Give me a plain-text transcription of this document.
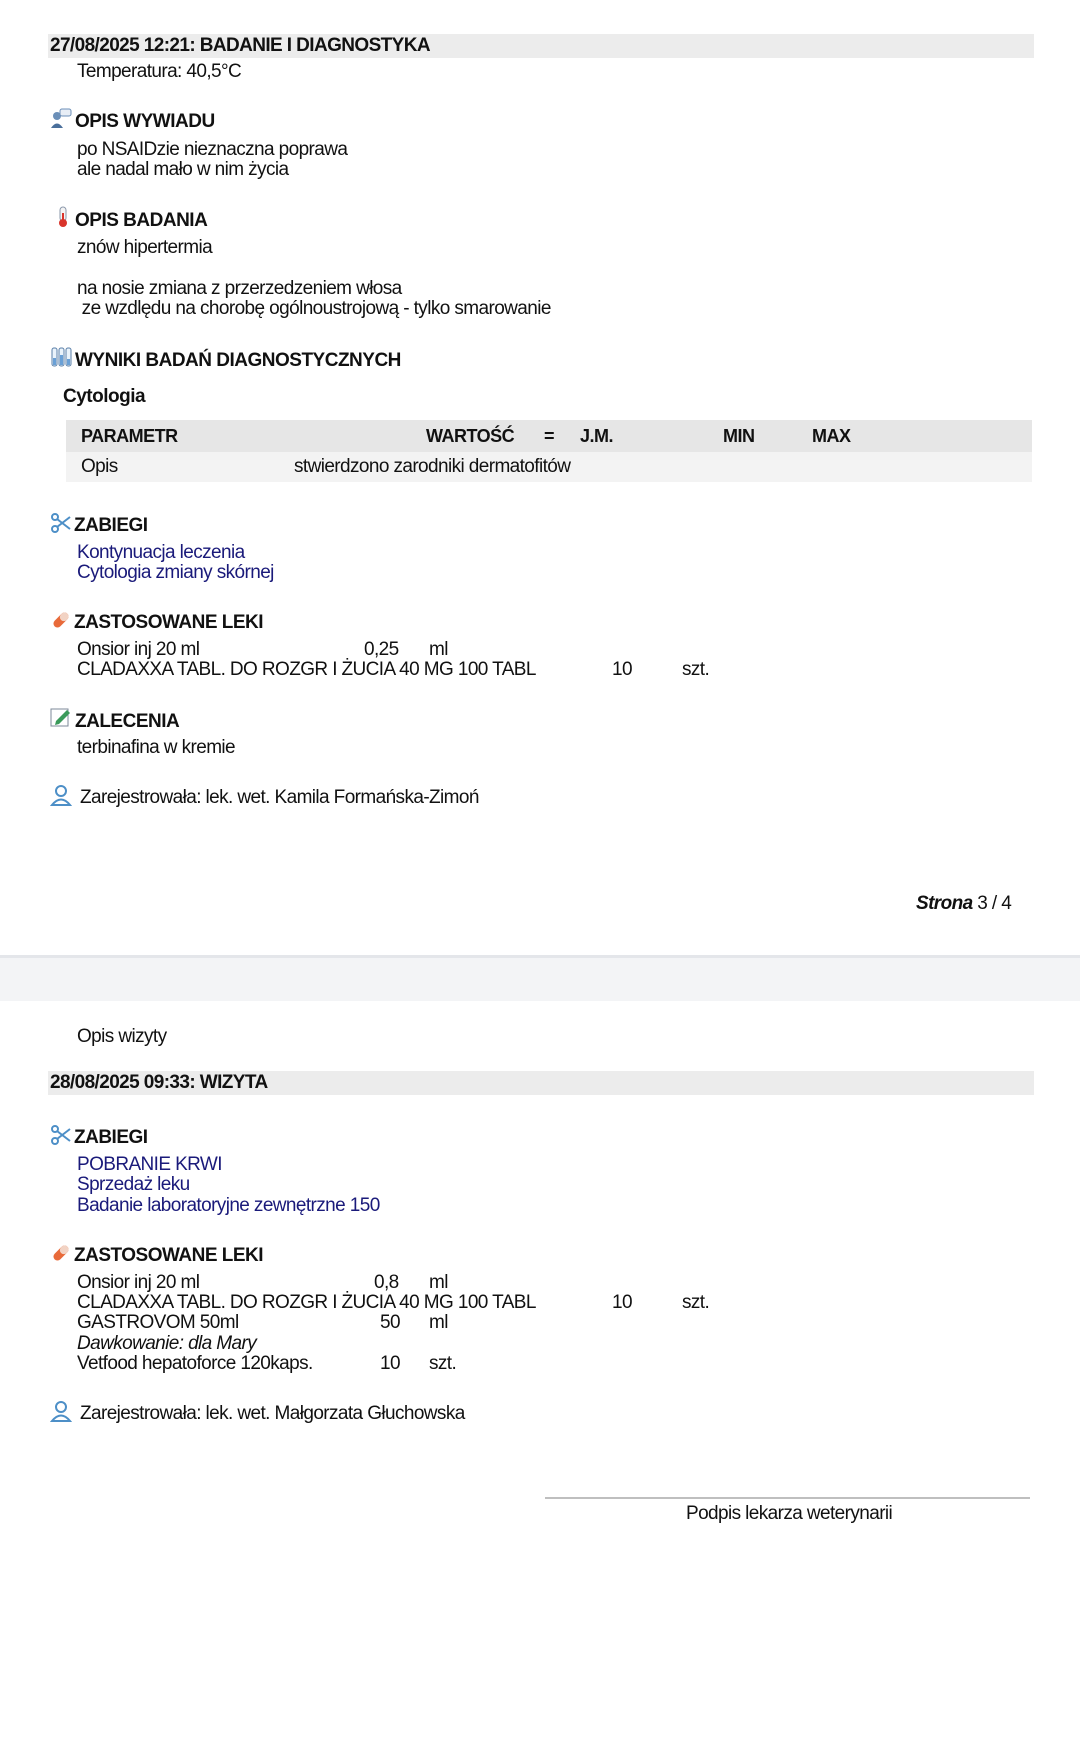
27/08/2025 12:21: BADANIE I DIAGNOSTYKA
Temperatura: 40,5°C
OPIS WYWIADU
po NSAIDzie nieznaczna poprawa
ale nadal mało w nim życia
OPIS BADANIA
znów hipertermia
na nosie zmiana z przerzedzeniem włosa
ze wzdlędu na chorobę ogólnoustrojową - tylko smarowanie
WYNIKI BADAŃ DIAGNOSTYCZNYCH
Cytologia
PARAMETR	WARTOŚĆ = J.M.	MIN	MAX
Opis	stwierdzono zarodniki dermatofitów
ZABIEGI
Kontynuacja leczenia
Cytologia zmiany skórnej
ZASTOSOWANE LEKI
Onsior inj 20 ml	0,25 ml
CLADAXXA TABL. DO ROZGR I ŻUCIA 40 MG 100 TABL	10	szt.
ZALECENIA
terbinafina w kremie
Zarejestrowała: lek. wet. Kamila Formańska-Zimoń
Strona 3 / 4
Opis wizyty
28/08/2025 09:33: WIZYTA
ZABIEGI
POBRANIE KRWI
Sprzedaż leku
Badanie laboratoryjne zewnętrzne 150
ZASTOSOWANE LEKI
Onsior inj 20 ml	0,8 ml
CLADAXXA TABL. DO ROZGR I ŻUCIA 40 MG 100 TABL	10	szt.
GASTROVOM 50ml	50 ml
Dawkowanie: dla Mary
Vetfood hepatoforce 120kaps.	10 szt.
Zarejestrowała: lek. wet. Małgorzata Głuchowska
Podpis lekarza weterynarii
